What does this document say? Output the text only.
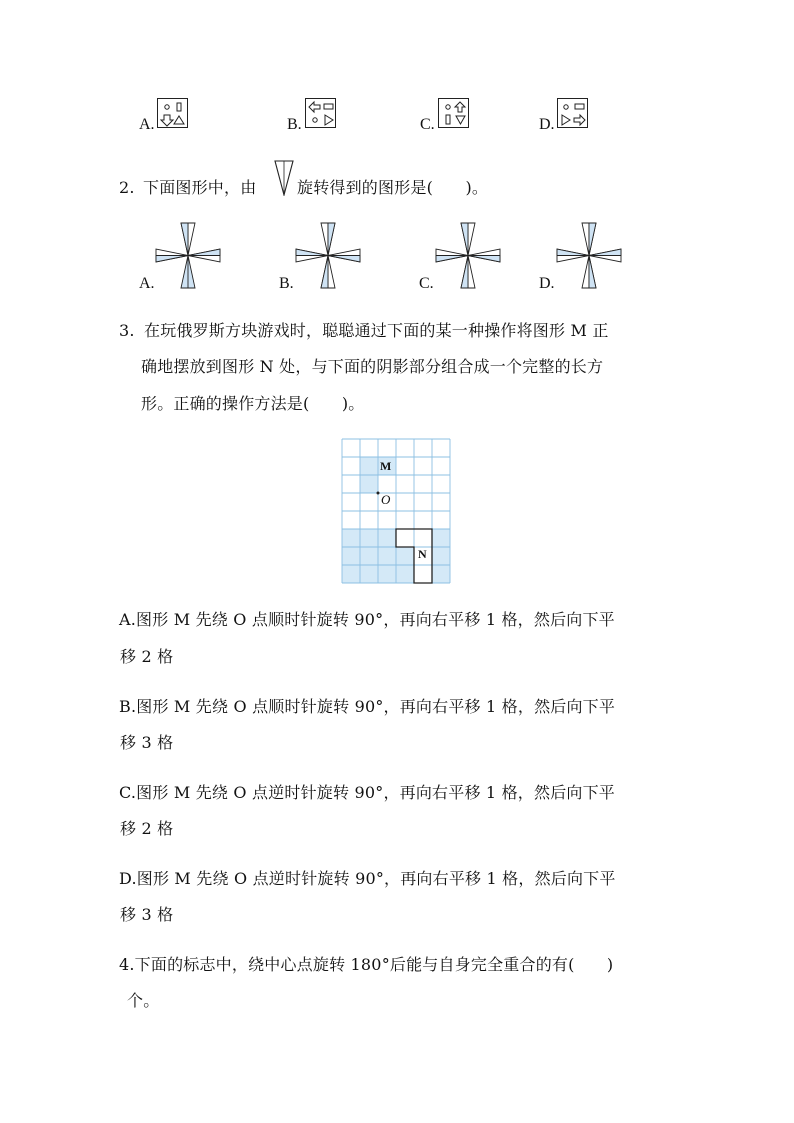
A.	B.	C.	D.
2. 下面图形中，由	旋转得到的图形是(　　)。
A.	B.	C.	D.
3. 在玩俄罗斯方块游戏时，聪聪通过下面的某一种操作将图形 M 正
确地摆放到图形 N 处，与下面的阴影部分组合成一个完整的长方
形。正确的操作方法是(　　)。
M
O
N
A.图形 M 先绕 O 点顺时针旋转 90°，再向右平移 1 格，然后向下平
移 2 格
B.图形 M 先绕 O 点顺时针旋转 90°，再向右平移 1 格，然后向下平
移 3 格
C.图形 M 先绕 O 点逆时针旋转 90°，再向右平移 1 格，然后向下平
移 2 格
D.图形 M 先绕 O 点逆时针旋转 90°，再向右平移 1 格，然后向下平
移 3 格
4.下面的标志中，绕中心点旋转 180°后能与自身完全重合的有(　　)
个。
